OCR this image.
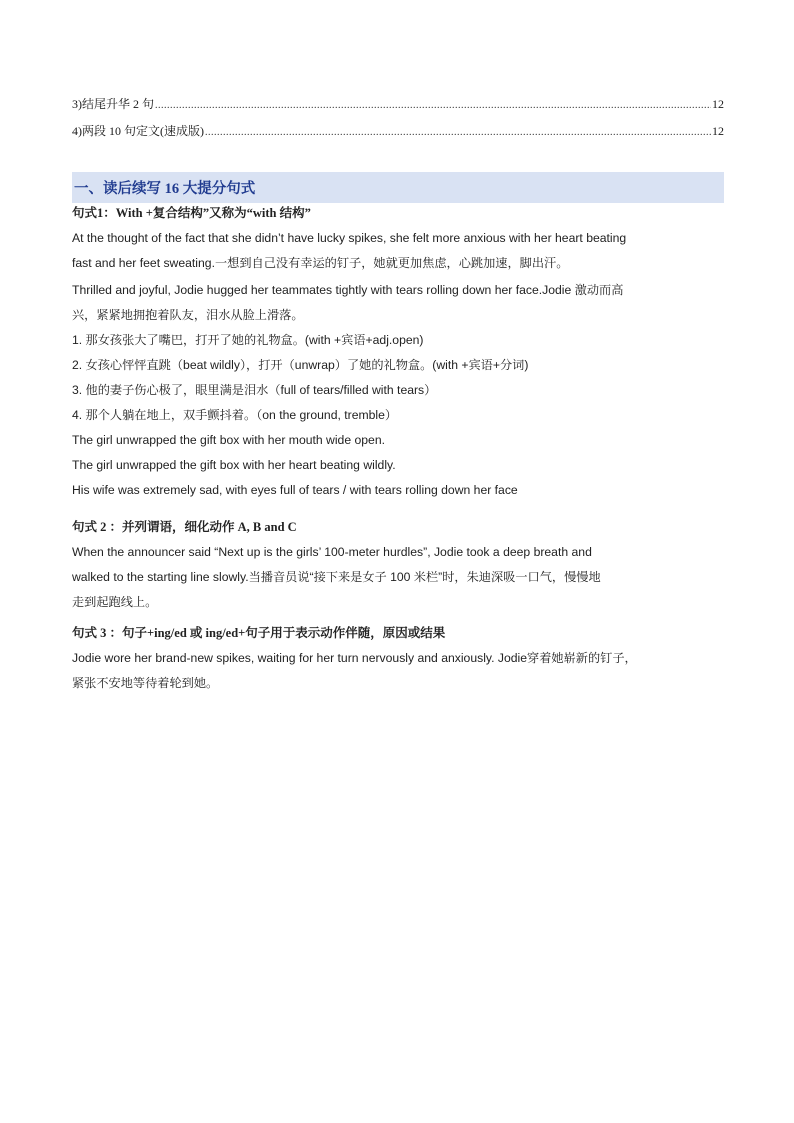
3)结尾升华 2 句 .....	12
4)两段 10 句定文(速成版) .....	12
一、读后续写 16 大提分句式
句式1：With +复合结构”又称为“with 结构”
At the thought of the fact that she didn’t have lucky spikes, she felt more anxious with her heart beating
fast and her feet sweating.一想到自己没有幸运的钉子，她就更加焦虑，心跳加速，脚出汗。
Thrilled and joyful, Jodie hugged her teammates tightly with tears rolling down her face.Jodie 激动而高
兴，紧紧地拥抱着队友，泪水从脸上滑落。
1. 那女孩张大了嘴巴，打开了她的礼物盒。(with +宾语+adj.open)
2. 女孩心怦怦直跳（beat wildly），打开（unwrap）了她的礼物盒。(with +宾语+分词)
3. 他的妻子伤心极了，眼里满是泪水（full of tears/filled with tears）
4. 那个人躺在地上，双手颤抖着。（on the ground, tremble）
The girl unwrapped the gift box with her mouth wide open.
The girl unwrapped the gift box with her heart beating wildly.
His wife was extremely sad, with eyes full of tears / with tears rolling down her face
句式 2 ：并列谓语，细化动作 A, B and C
When the announcer said “Next up is the girls’ 100-meter hurdles”, Jodie took a deep breath and
walked to the starting line slowly.当播音员说“接下来是女子 100 米栏”时，朱迪深吸一口气，慢慢地
走到起跑线上。
句式 3 ：句子+ing/ed 或 ing/ed+句子用于表示动作伴随，原因或结果
Jodie wore her brand-new spikes, waiting for her turn nervously and anxiously. Jodie穿着她崭新的钉子，
紧张不安地等待着轮到她。
